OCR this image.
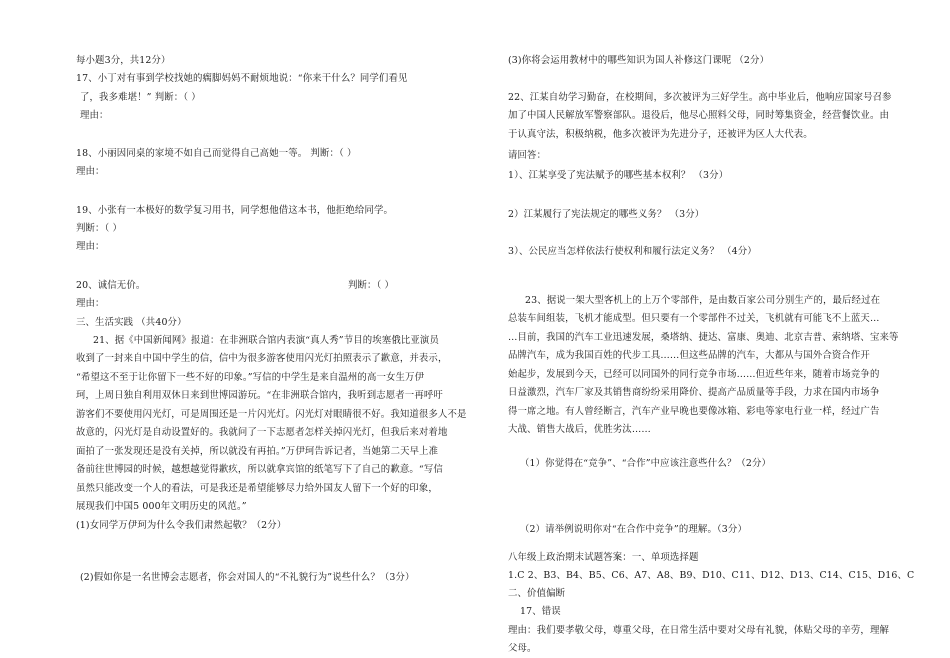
每小题3分，共12分）
17、小丁对有事到学校找她的瘸脚妈妈不耐烦地说：“你来干什么？同学们看见
了，我多难堪！” 判断：（ ）
理由：
18、小丽因同桌的家境不如自己而觉得自己高她一等。 判断：（ ）
理由：
19、小张有一本极好的数学复习用书，同学想他借这本书，他拒绝给同学。
判断：（ ）
理由：
20、诚信无价。	判断：（ ）
理由：
三、生活实践 （共40分）
21、据《中国新闻网》报道：在非洲联合馆内表演“真人秀”节目的埃塞俄比亚演员
收到了一封来自中国中学生的信，信中为很多游客使用闪光灯拍照表示了歉意，并表示，
“希望这不至于让你留下一些不好的印象。”写信的中学生是来自温州的高一女生万伊
珂，上周日独自利用双休日来到世博园游玩。“在非洲联合馆内，我听到志愿者一再呼吁
游客们不要使用闪光灯，可是周围还是一片闪光灯。闪光灯对眼睛很不好。我知道很多人不是
故意的，闪光灯是自动设置好的。我就问了一下志愿者怎样关掉闪光灯，但我后来对着地
面拍了一张发现还是没有关掉，所以就没有再拍。”万伊珂告诉记者，当她第二天早上准
备前往世博园的时候，越想越觉得歉疚，所以就拿宾馆的纸笔写下了自己的歉意。“写信
虽然只能改变一个人的看法，可是我还是希望能够尽力给外国友人留下一个好的印象，
展现我们中国5 000年文明历史的风范。”
(1)女同学万伊珂为什么令我们肃然起敬？（2分）
(2)假如你是一名世博会志愿者，你会对国人的“不礼貌行为”说些什么？（3分）
(3)你将会运用教材中的哪些知识为国人补修这门课呢 （2分）
22、江某自幼学习勤奋，在校期间，多次被评为三好学生。高中毕业后，他响应国家号召参
加了中国人民解放军警察部队。退役后，他尽心照料父母，同时筹集资金，经营餐饮业。由
于认真守法，积极纳税，他多次被评为先进分子，还被评为区人大代表。
请回答：
1）、江某享受了宪法赋予的哪些基本权利？ （3分）
2）江某履行了宪法规定的哪些义务？ （3分）
3）、公民应当怎样依法行使权利和履行法定义务？ （4分）
23、据说一架大型客机上的上万个零部件，是由数百家公司分别生产的，最后经过在
总装车间组装，飞机才能成型。但只要有一个零部件不过关，飞机就有可能飞不上蓝天…
…目前，我国的汽车工业迅速发展，桑塔纳、捷达、富康、奥迪、北京吉普、索纳塔、宝来等
品牌汽车，成为我国百姓的代步工具……但这些品牌的汽车，大都从与国外合资合作开
始起步，发展到今天，已经可以同国外的同行竞争市场……但近些年来，随着市场竞争的
日益激烈，汽车厂家及其销售商纷纷采用降价、提高产品质量等手段，力求在国内市场争
得一席之地。有人曾经断言，汽车产业早晚也要像冰箱、彩电等家电行业一样，经过广告
大战、销售大战后，优胜劣汰……
（1）你觉得在“竞争”、“合作”中应该注意些什么？（2分）
（2）请举例说明你对“在合作中竞争”的理解。（3分）
八年级上政治期末试题答案：一、单项选择题
1.C 2、B3、B4、B5、C6、A7、A8、B9、D10、C11、D12、D13、C14、C15、D16、C
二、价值偏断
17、错误
理由：我们要孝敬父母，尊重父母，在日常生活中要对父母有礼貌，体贴父母的辛劳，理解
父母。
